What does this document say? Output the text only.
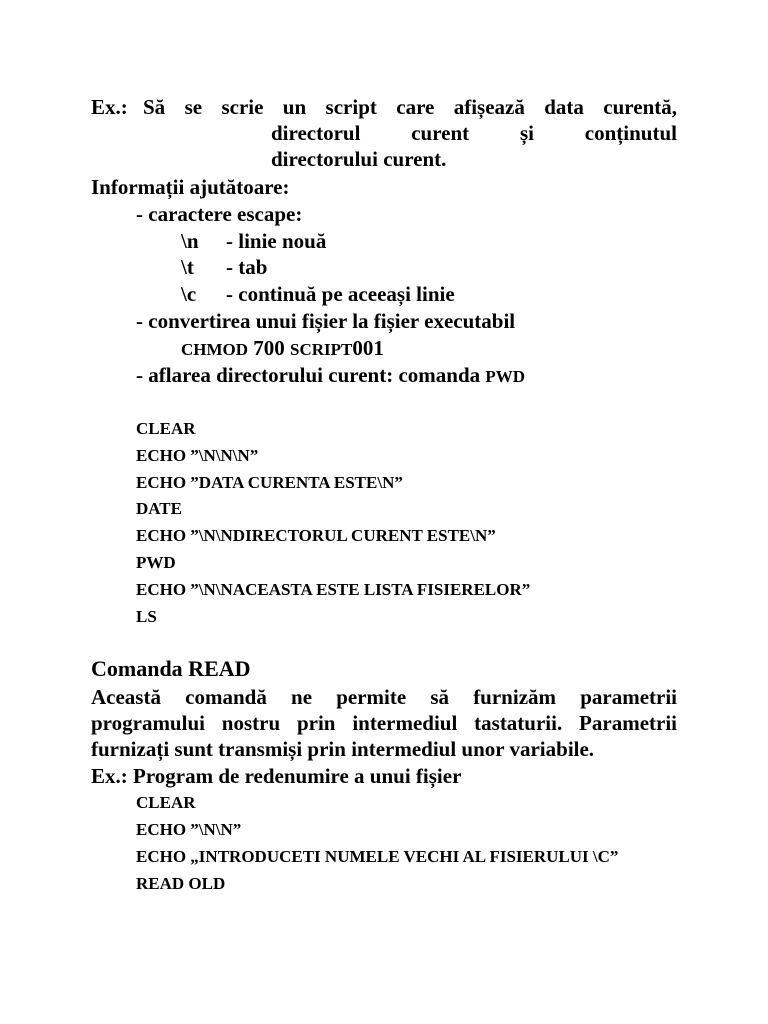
Ex.: Să se scrie un script care afișează data curentă,
directorul curent și conținutul
directorului curent.
Informații ajutătoare:
- caractere escape:
\n - linie nouă
\t - tab
\c - continuă pe aceeași linie
- convertirea unui fișier la fișier executabil
CHMOD 700 SCRIPT001
- aflarea directorului curent: comanda PWD
CLEAR
ECHO ”\N\N\N”
ECHO ”DATA CURENTA ESTE\N”
DATE
ECHO ”\N\NDIRECTORUL CURENT ESTE\N”
PWD
ECHO ”\N\NACEASTA ESTE LISTA FISIERELOR”
LS
Comanda READ
Această comandă ne permite să furnizăm parametrii programului nostru prin intermediul tastaturii. Parametrii
furnizați sunt transmiși prin intermediul unor variabile.
Ex.: Program de redenumire a unui fișier
CLEAR
ECHO ”\N\N”
ECHO „INTRODUCETI NUMELE VECHI AL FISIERULUI \C”
READ OLD
